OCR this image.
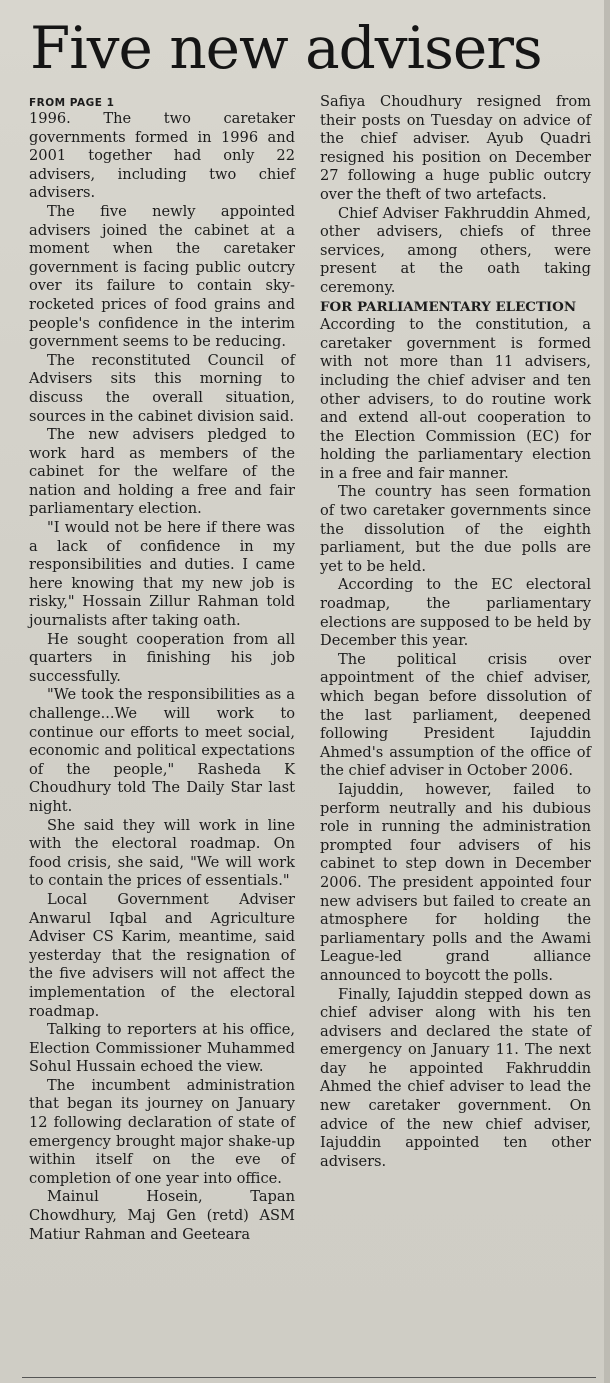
Five new advisers
FROM PAGE 1

1996. The two caretaker governments formed in 1996 and 2001 together had only 22 advisers, including two chief advisers.

The five newly appointed advisers joined the cabinet at a moment when the caretaker government is facing public outcry over its failure to contain sky-rocketed prices of food grains and people's confidence in the interim government seems to be reducing.

The reconstituted Council of Advisers sits this morning to discuss the overall situation, sources in the cabinet division said.

The new advisers pledged to work hard as members of the cabinet for the welfare of the nation and holding a free and fair parliamentary election.

"I would not be here if there was a lack of confidence in my responsibilities and duties. I came here knowing that my new job is risky," Hossain Zillur Rahman told journalists after taking oath.

He sought cooperation from all quarters in finishing his job successfully.

"We took the responsibilities as a challenge...We will work to continue our efforts to meet social, economic and political expectations of the people," Rasheda K Choudhury told The Daily Star last night.

She said they will work in line with the electoral roadmap. On food crisis, she said, "We will work to contain the prices of essentials."

Local Government Adviser Anwarul Iqbal and Agriculture Adviser CS Karim, meantime, said yesterday that the resignation of the five advisers will not affect the implementation of the electoral roadmap.

Talking to reporters at his office, Election Commissioner Muhammed Sohul Hussain echoed the view.

The incumbent administration that began its journey on January 12 following declaration of state of emergency brought major shake-up within itself on the eve of completion of one year into office.

Mainul Hosein, Tapan Chowdhury, Maj Gen (retd) ASM Matiur Rahman and Geeteara

Safiya Choudhury resigned from their posts on Tuesday on advice of the chief adviser. Ayub Quadri resigned his position on December 27 following a huge public outcry over the theft of two artefacts.

Chief Adviser Fakhruddin Ahmed, other advisers, chiefs of three services, among others, were present at the oath taking ceremony.

FOR PARLIAMENTARY ELECTION

According to the constitution, a caretaker government is formed with not more than 11 advisers, including the chief adviser and ten other advisers, to do routine work and extend all-out cooperation to the Election Commission (EC) for holding the parliamentary election in a free and fair manner.

The country has seen formation of two caretaker governments since the dissolution of the eighth parliament, but the due polls are yet to be held.

According to the EC electoral roadmap, the parliamentary elections are supposed to be held by December this year.

The political crisis over appointment of the chief adviser, which began before dissolution of the last parliament, deepened following President Iajuddin Ahmed's assumption of the office of the chief adviser in October 2006.

Iajuddin, however, failed to perform neutrally and his dubious role in running the administration prompted four advisers of his cabinet to step down in December 2006. The president appointed four new advisers but failed to create an atmosphere for holding the parliamentary polls and the Awami League-led grand alliance announced to boycott the polls.

Finally, Iajuddin stepped down as chief adviser along with his ten advisers and declared the state of emergency on January 11. The next day he appointed Fakhruddin Ahmed the chief adviser to lead the new caretaker government. On advice of the new chief adviser, Iajuddin appointed ten other advisers.
